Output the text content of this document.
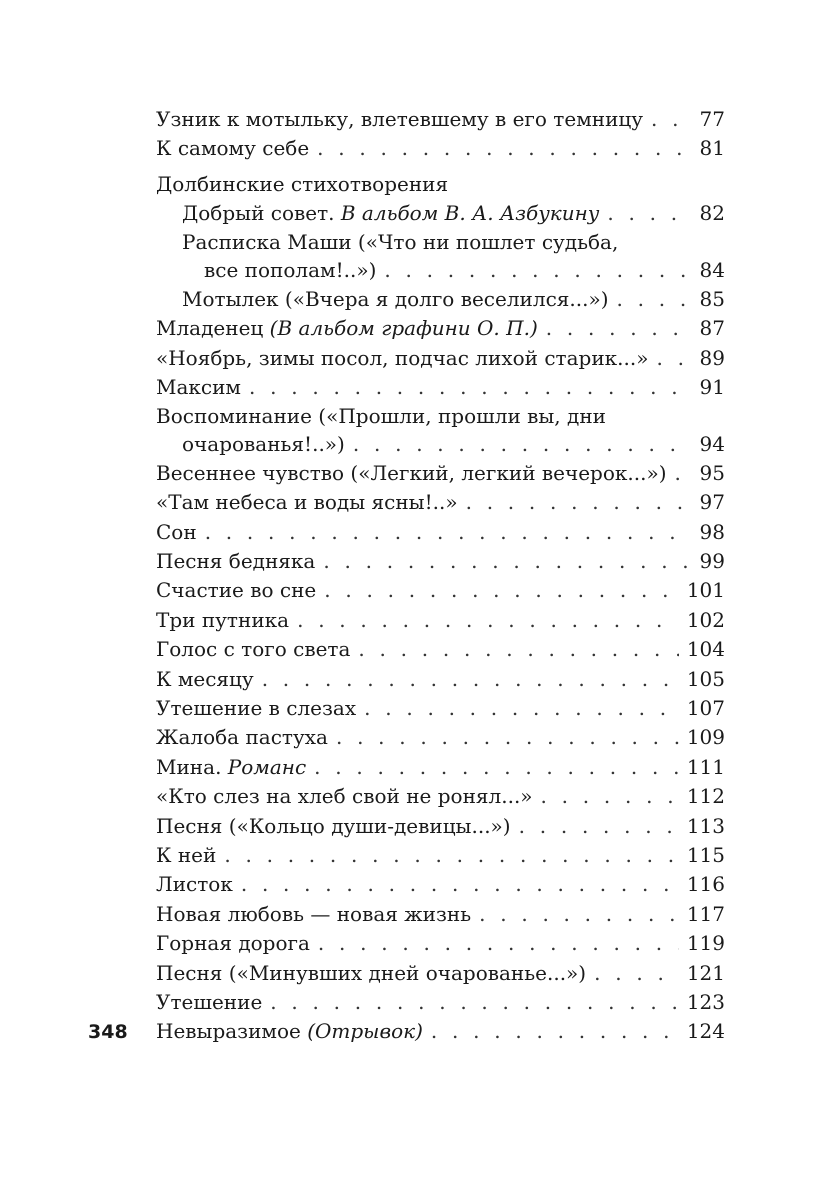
348
Узник к мотыльку, влетевшему в его темницу . . .	77
К самому себе . . .	81
Долбинские стихотворения
Добрый совет. В альбом В. А. Азбукину . . .	82
Расписка Маши («Что ни пошлет судьба,
все пополам!..») . . .	84
Мотылек («Вчера я долго веселился...») . . .	85
Младенец (В альбом графини О. П.) . . .	87
«Ноябрь, зимы посол, подчас лихой старик...» . . .	89
Максим . . .	91
Воспоминание («Прошли, прошли вы, дни
очарованья!..») . . .	94
Весеннее чувство («Легкий, легкий вечерок...») . . . 95
«Там небеса и воды ясны!..» . . .	97
Сон . . .	98
Песня бедняка . . .	99
Счастие во сне . . .	101
Три путника . . .	102
Голос с того света . . .	104
К месяцу . . .	105
Утешение в слезах . . .	107
Жалоба пастуха . . .	109
Мина. Романс . . .	111
«Кто слез на хлеб свой не ронял...» . . .	112
Песня («Кольцо души-девицы...») . . .	113
К ней . . .	115
Листок . . .	116
Новая любовь — новая жизнь . . .	117
Горная дорога . . .	119
Песня («Минувших дней очарованье...») . . .	121
Утешение . . .	123
Невыразимое (Отрывок) . . .	124
